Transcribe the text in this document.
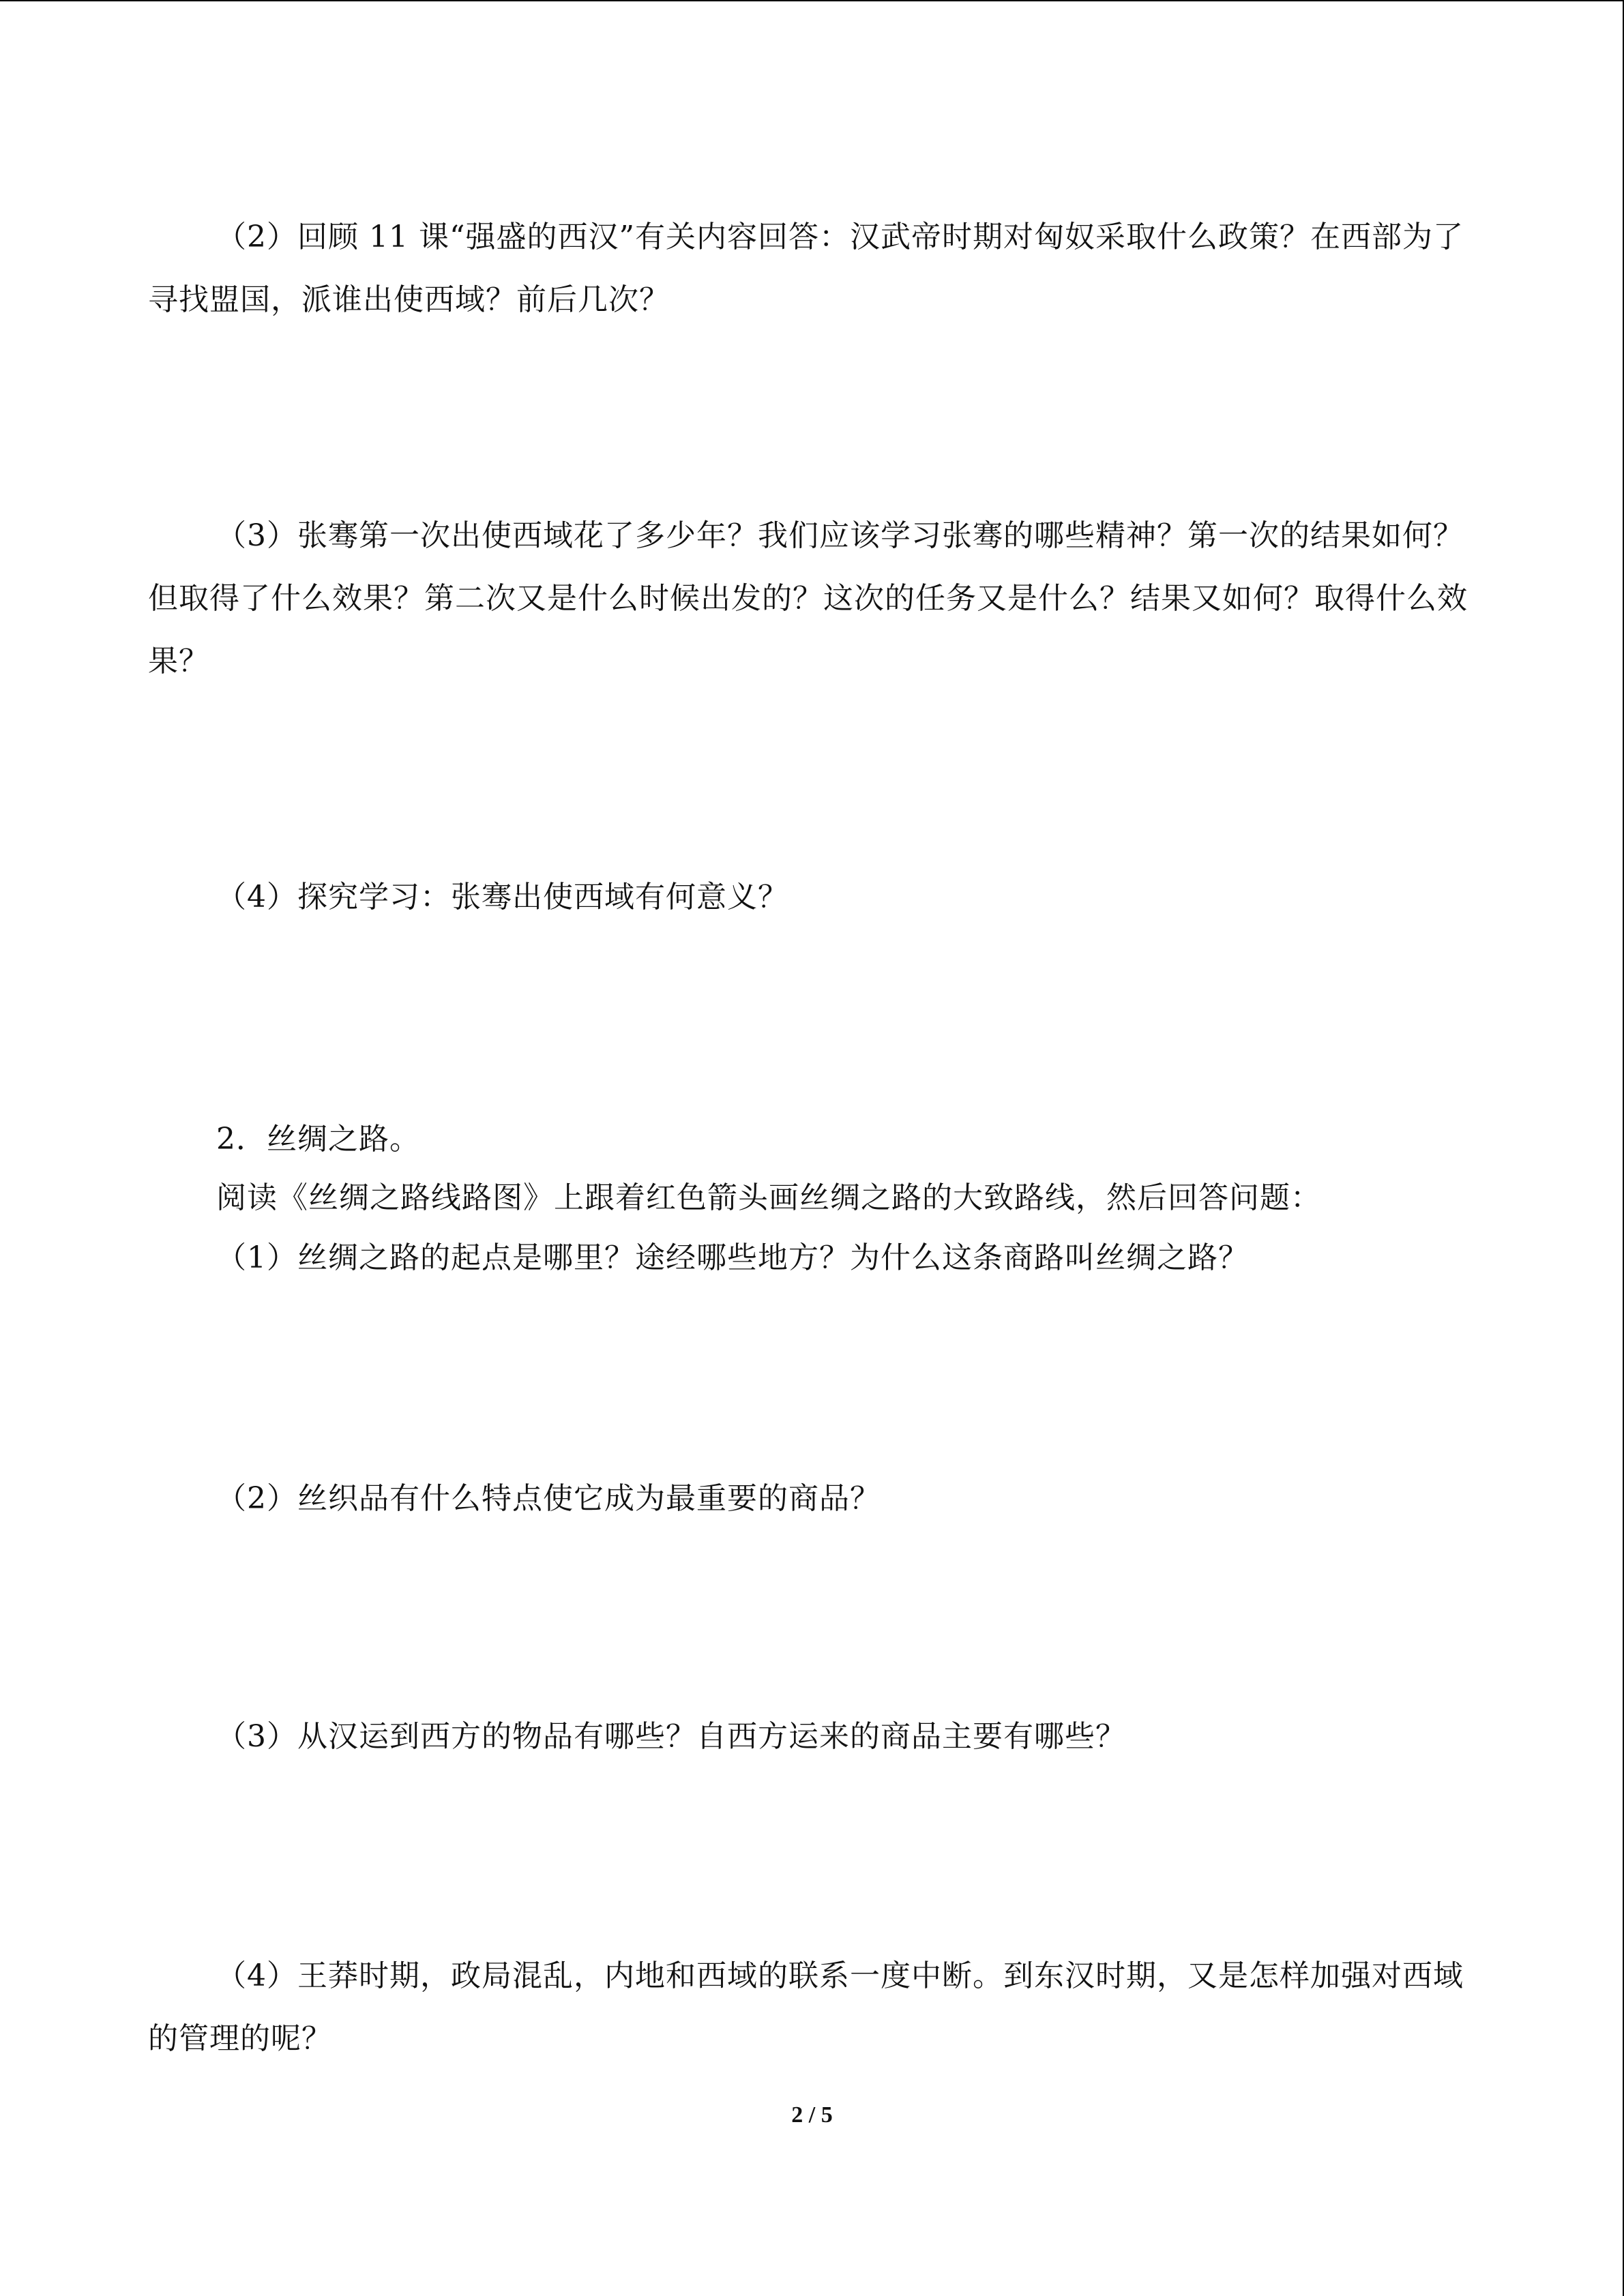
（2）回顾 11 课“强盛的西汉”有关内容回答：汉武帝时期对匈奴采取什么政策？在西部为了寻找盟国，派谁出使西域？前后几次？

（3）张骞第一次出使西域花了多少年？我们应该学习张骞的哪些精神？第一次的结果如何？但取得了什么效果？第二次又是什么时候出发的？这次的任务又是什么？结果又如何？取得什么效果？

（4）探究学习：张骞出使西域有何意义？

2．丝绸之路。

阅读《丝绸之路线路图》上跟着红色箭头画丝绸之路的大致路线，然后回答问题：

（1）丝绸之路的起点是哪里？途经哪些地方？为什么这条商路叫丝绸之路？

（2）丝织品有什么特点使它成为最重要的商品？

（3）从汉运到西方的物品有哪些？自西方运来的商品主要有哪些？

（4）王莽时期，政局混乱，内地和西域的联系一度中断。到东汉时期，又是怎样加强对西域的管理的呢？

2 / 5
